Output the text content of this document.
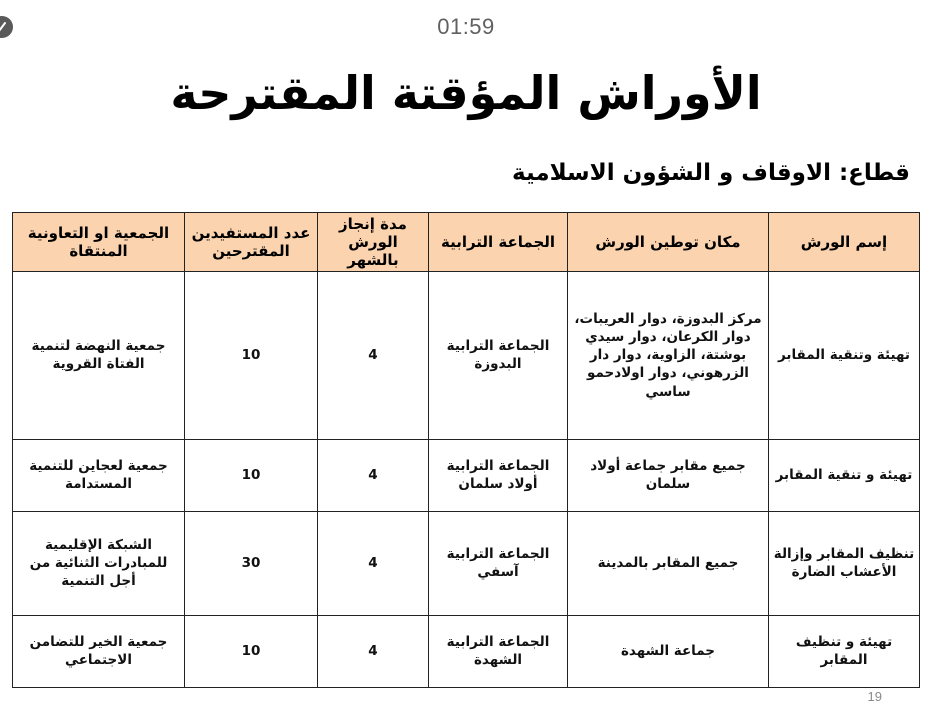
01:59
الأوراش المؤقتة المقترحة
قطاع: الاوقاف و الشؤون الاسلامية
إسم الورش	مكان توطين الورش	الجماعة الترابية	مدة إنجاز الورش بالشهر	عدد المستفيدين المقترحين	الجمعية او التعاونية المنتقاة
تهيئة وتنقية المقابر	مركز البدوزة، دوار العريبات، دوار الكرعان، دوار سيدي بوشتة، الزاوية، دوار دار الزرهوني، دوار اولادحمو ساسي	الجماعة الترابية البدوزة	4	10	جمعية النهضة لتنمية الفتاة القروية
تهيئة و تنقية المقابر	جميع مقابر جماعة أولاد سلمان	الجماعة الترابية أولاد سلمان	4	10	جمعية لعجاين للتنمية المستدامة
تنظيف المقابر وإزالة الأعشاب الضارة	جميع المقابر بالمدينة	الجماعة الترابية آسفي	4	30	الشبكة الإقليمية للمبادرات الثنائية من أجل التنمية
تهيئة و تنظيف المقابر	جماعة الشهدة	الجماعة الترابية الشهدة	4	10	جمعية الخير للتضامن الاجتماعي
19
